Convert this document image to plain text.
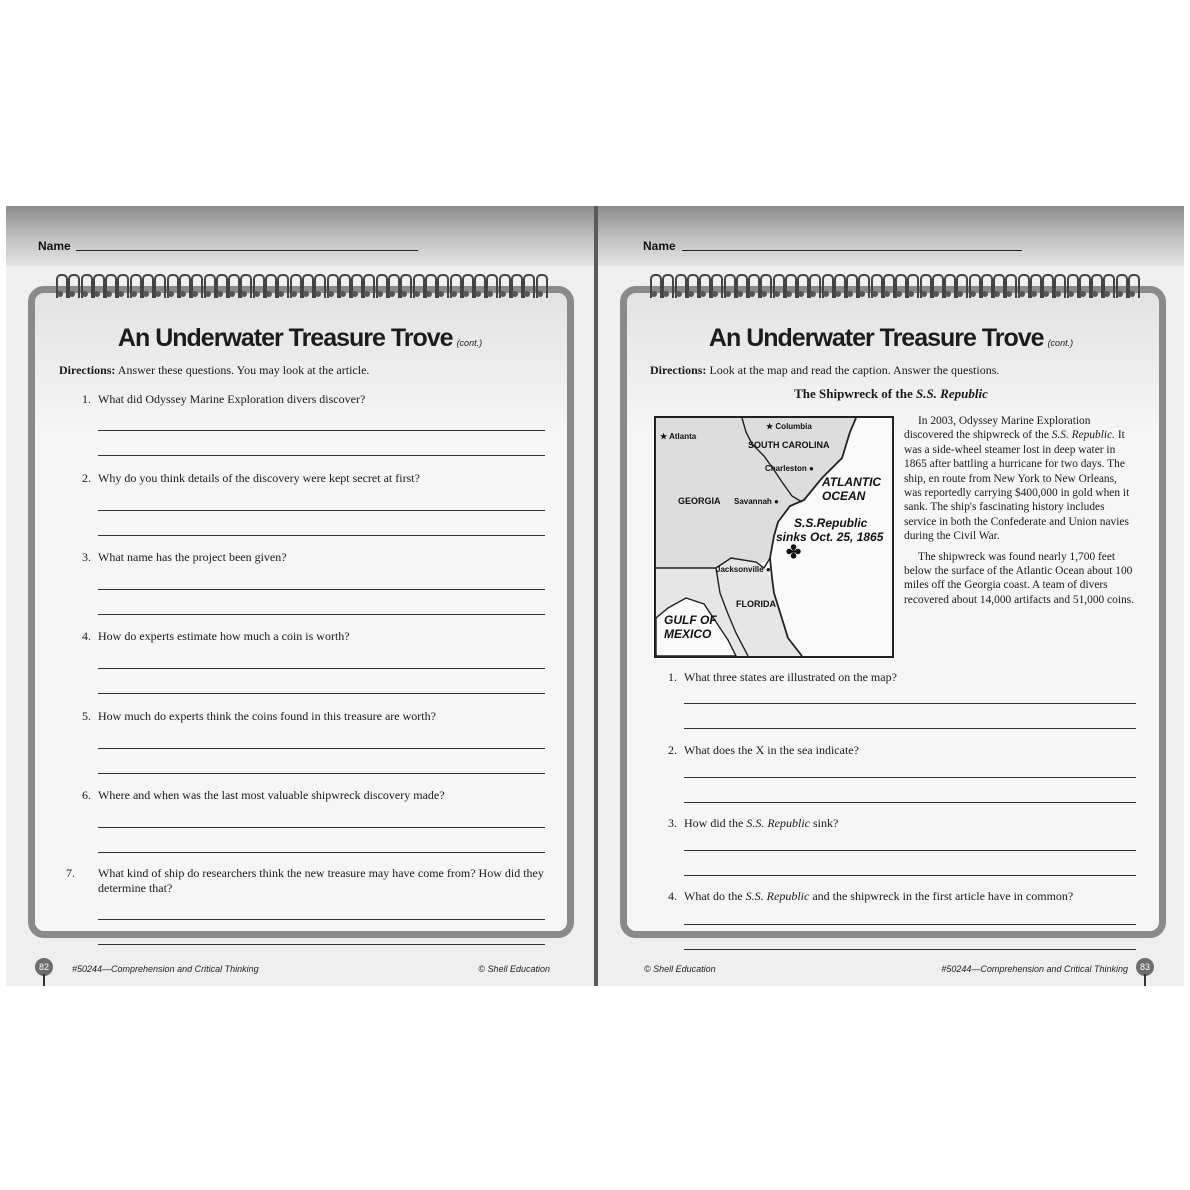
Name
An Underwater Treasure Trove (cont.)
Directions: Answer these questions. You may look at the article.
1. What did Odyssey Marine Exploration divers discover?
2. Why do you think details of the discovery were kept secret at first?
3. What name has the project been given?
4. How do experts estimate how much a coin is worth?
5. How much do experts think the coins found in this treasure are worth?
6. Where and when was the last most valuable shipwreck discovery made?
7. What kind of ship do researchers think the new treasure may have come from? How did they determine that?
82	#50244—Comprehension and Critical Thinking	© Shell Education
Name
An Underwater Treasure Trove (cont.)
Directions: Look at the map and read the caption. Answer the questions.
The Shipwreck of the S.S. Republic
★ Columbia
★ Atlanta
SOUTH CAROLINA
Charleston ●
ATLANTIC
OCEAN
GEORGIA Savannah ●
S.S.Republic
sinks Oct. 25, 1865
✤
Jacksonville ●
FLORIDA
GULF OF
MEXICO

In 2003, Odyssey Marine Exploration discovered the shipwreck of the S.S. Republic. It was a side-wheel steamer lost in deep water in 1865 after battling a hurricane for two days. The ship, en route from New York to New Orleans, was reportedly carrying $400,000 in gold when it sank. The ship's fascinating history includes service in both the Confederate and Union navies during the Civil War.

The shipwreck was found nearly 1,700 feet below the surface of the Atlantic Ocean about 100 miles off the Georgia coast. A team of divers recovered about 14,000 artifacts and 51,000 coins.

1. What three states are illustrated on the map?
2. What does the X in the sea indicate?
3. How did the S.S. Republic sink?
4. What do the S.S. Republic and the shipwreck in the first article have in common?
© Shell Education	#50244—Comprehension and Critical Thinking	83
